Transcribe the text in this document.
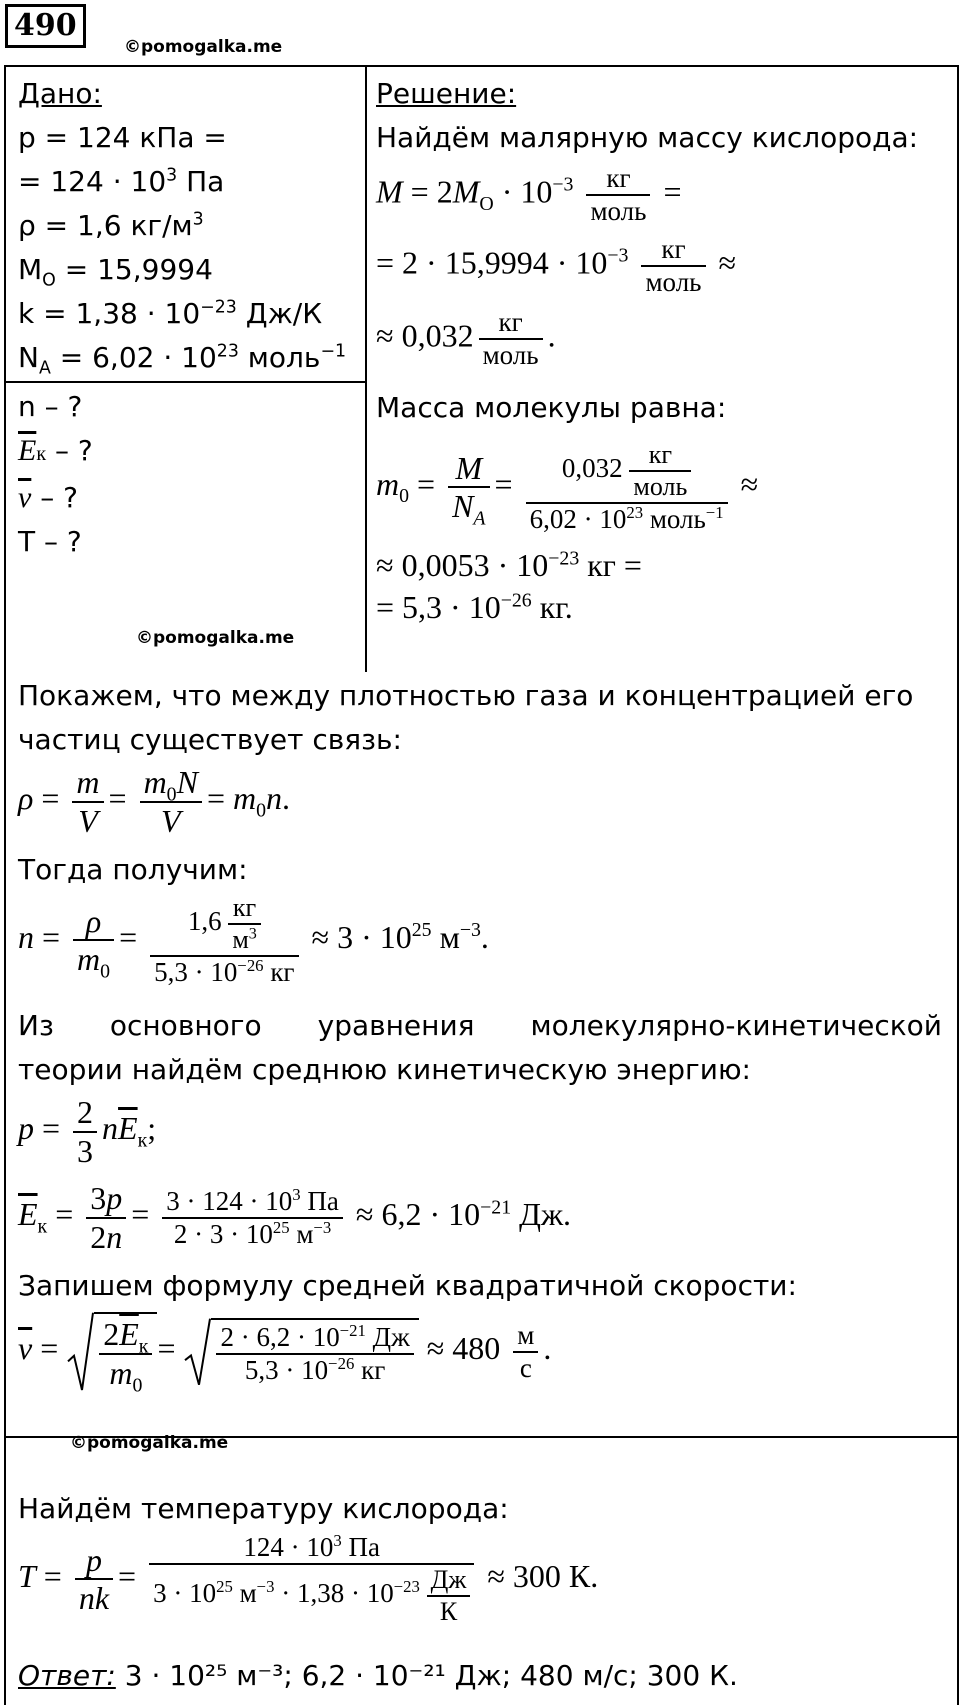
490
©pomogalka.me
Дано:
p = 124 кПа =
= $124 \cdot 10^3$ Па
ρ = 1,6 $кг/м^3$
$M_O = 15,9994$
$k = 1,38 \cdot 10^{-23}$ Дж/К
$N_A = 6,02 \cdot 10^{23}$ моль$^{-1}$
n – ?
$\overline{E}к$ – ?
$\overline{v}$ – ?
T – ?
©pomogalka.me
Решение:
Найдём малярную массу кислорода:
$M = 2M_O \cdot 10^{-3} \frac{кг}{\text{моль}}$ =
= $2 \cdot 15,9994 \cdot 10^{-3} \frac{кг}{\text{моль}}$ ≈
≈ $0,032 \frac{кг}{\text{моль}}$ .
Масса молекулы равна:
$m_0 = \frac{M}{N_A} = \frac{0,032 \frac{кг}{\text{моль}}}{6,02 \cdot 10^{23} моль^{-1}}$ ≈
≈ $0,0053 \cdot 10^{-23}$ кг =
= $5,3 \cdot 10^{-26}$ кг.
Покажем, что между плотностью газа и концентрацией его частиц существует связь:
$\rho = \frac{m}{V} = \frac{m_0N}{V} = m_0n$.
Тогда получим:
$n = \frac{\rho}{m_0} = \frac{1,6 \frac{кг}{м^3}}{5,3 \cdot 10^{-26} кг} \approx 3 \cdot 10^{25}$ $м^{-3}$.
Из основного уравнения молекулярно-кинетической
теории найдём среднюю кинетическую энергию:
$p = \frac{2}{3} n\overline{E}_к$;
$\overline{E}_к = \frac{3p}{2n} = \frac{3 \cdot 124 \cdot 10^3 Па}{2 \cdot 3 \cdot 10^{25} м^{-3}} \approx 6,2 \cdot 10^{-21}$ Дж.
Запишем формулу средней квадратичной скорости:
$\overline{v} = \frac{2\overline{E}_к}{m_0} = \frac{2 \cdot 6,2 \cdot 10^{-21} Дж}{5,3 \cdot 10^{-26} кг} \approx 480 \frac{м}{с}$ .
©pomogalka.me
Найдём температуру кислорода:
$T = \frac{p}{nk} = \frac{124 \cdot 10^3 Па}{3 \cdot 10^{25} м^{-3} \cdot 1,38 \cdot 10^{-23} \frac{Дж}{К}} \approx 300$ К.
Ответ: 3 · 10²⁵ м⁻³; 6,2 · 10⁻²¹ Дж; 480 м/с; 300 К.
